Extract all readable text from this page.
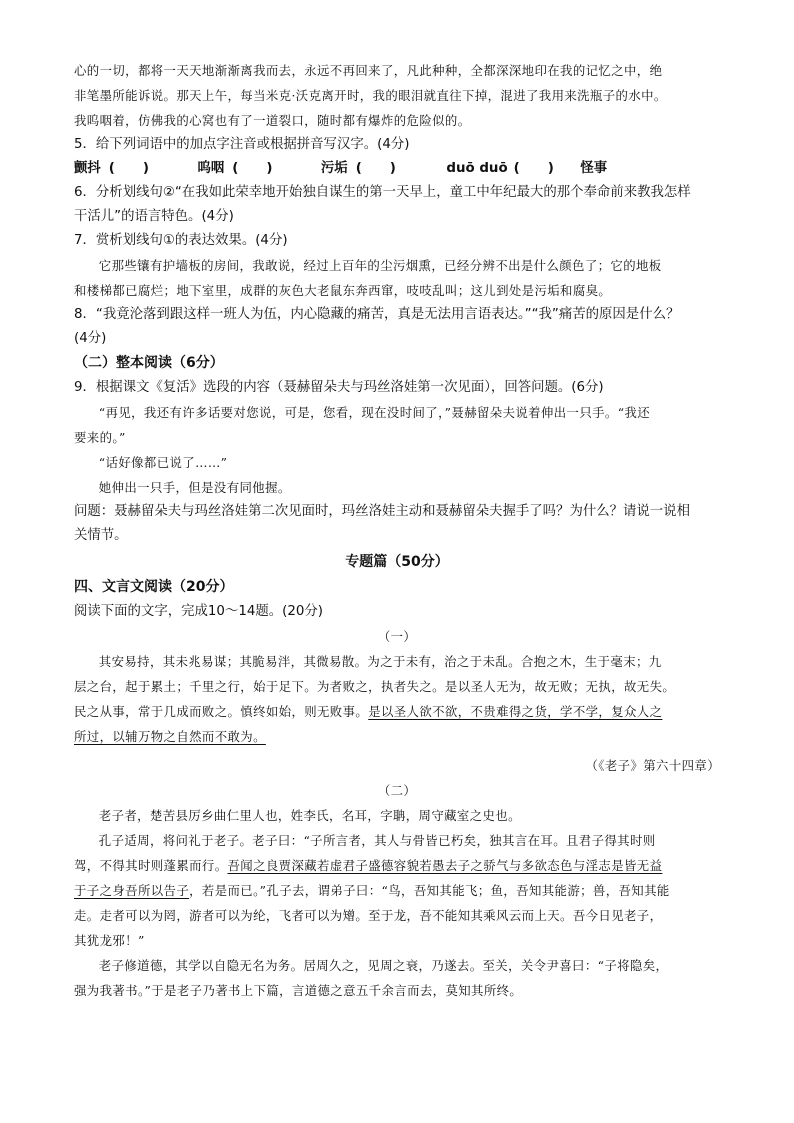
心的一切，都将一天天地渐渐离我而去，永远不再回来了，凡此种种，全都深深地印在我的记忆之中，绝

非笔墨所能诉说。那天上午，每当米克·沃克离开时，我的眼泪就直往下掉，混进了我用来洗瓶子的水中。

我呜咽着，仿佛我的心窝也有了一道裂口，随时都有爆炸的危险似的。

5．给下列词语中的加点字注音或根据拼音写汉字。(4分)

颤抖 (      )	呜咽 (      )	污垢 (      )	duō duō (      ) 怪事

6．分析划线句②“在我如此荣幸地开始独自谋生的第一天早上，童工中年纪最大的那个奉命前来教我怎样

干活儿”的语言特色。(4分)

7．赏析划线句①的表达效果。(4分)

它那些镶有护墙板的房间，我敢说，经过上百年的尘污烟熏，已经分辨不出是什么颜色了；它的地板

和楼梯都已腐烂；地下室里，成群的灰色大老鼠东奔西窜，吱吱乱叫；这儿到处是污垢和腐臭。

8．“我竟沦落到跟这样一班人为伍，内心隐藏的痛苦，真是无法用言语表达。”“我”痛苦的原因是什么？

(4分)

（二）整本阅读（6分）

9．根据课文《复活》选段的内容（聂赫留朵夫与玛丝洛娃第一次见面），回答问题。(6分)

“再见，我还有许多话要对您说，可是，您看，现在没时间了，”聂赫留朵夫说着伸出一只手。“我还

要来的。”

“话好像都已说了……”

她伸出一只手，但是没有同他握。

问题：聂赫留朵夫与玛丝洛娃第二次见面时，玛丝洛娃主动和聂赫留朵夫握手了吗？为什么？请说一说相

关情节。

专题篇（50分）

四、文言文阅读（20分）

阅读下面的文字，完成10～14题。(20分)

（一）

其安易持，其未兆易谋；其脆易泮，其微易散。为之于未有，治之于未乱。合抱之木，生于毫末；九

层之台，起于累土；千里之行，始于足下。为者败之，执者失之。是以圣人无为，故无败；无执，故无失。

民之从事，常于几成而败之。慎终如始，则无败事。是以圣人欲不欲，不贵难得之货，学不学，复众人之

所过，以辅万物之自然而不敢为。

（《老子》第六十四章）

（二）

老子者，楚苦县厉乡曲仁里人也，姓李氏，名耳，字聃，周守藏室之史也。

孔子适周，将问礼于老子。老子曰：“子所言者，其人与骨皆已朽矣，独其言在耳。且君子得其时则

驾，不得其时则蓬累而行。吾闻之良贾深藏若虚君子盛德容貌若愚去子之骄气与多欲态色与淫志是皆无益

于子之身吾所以告子，若是而已。”孔子去，谓弟子曰：“鸟，吾知其能飞；鱼，吾知其能游；兽，吾知其能

走。走者可以为罔，游者可以为纶，飞者可以为矰。至于龙，吾不能知其乘风云而上天。吾今日见老子，

其犹龙邪！”

老子修道德，其学以自隐无名为务。居周久之，见周之衰，乃遂去。至关，关令尹喜曰：“子将隐矣，

强为我著书。”于是老子乃著书上下篇，言道德之意五千余言而去，莫知其所终。
